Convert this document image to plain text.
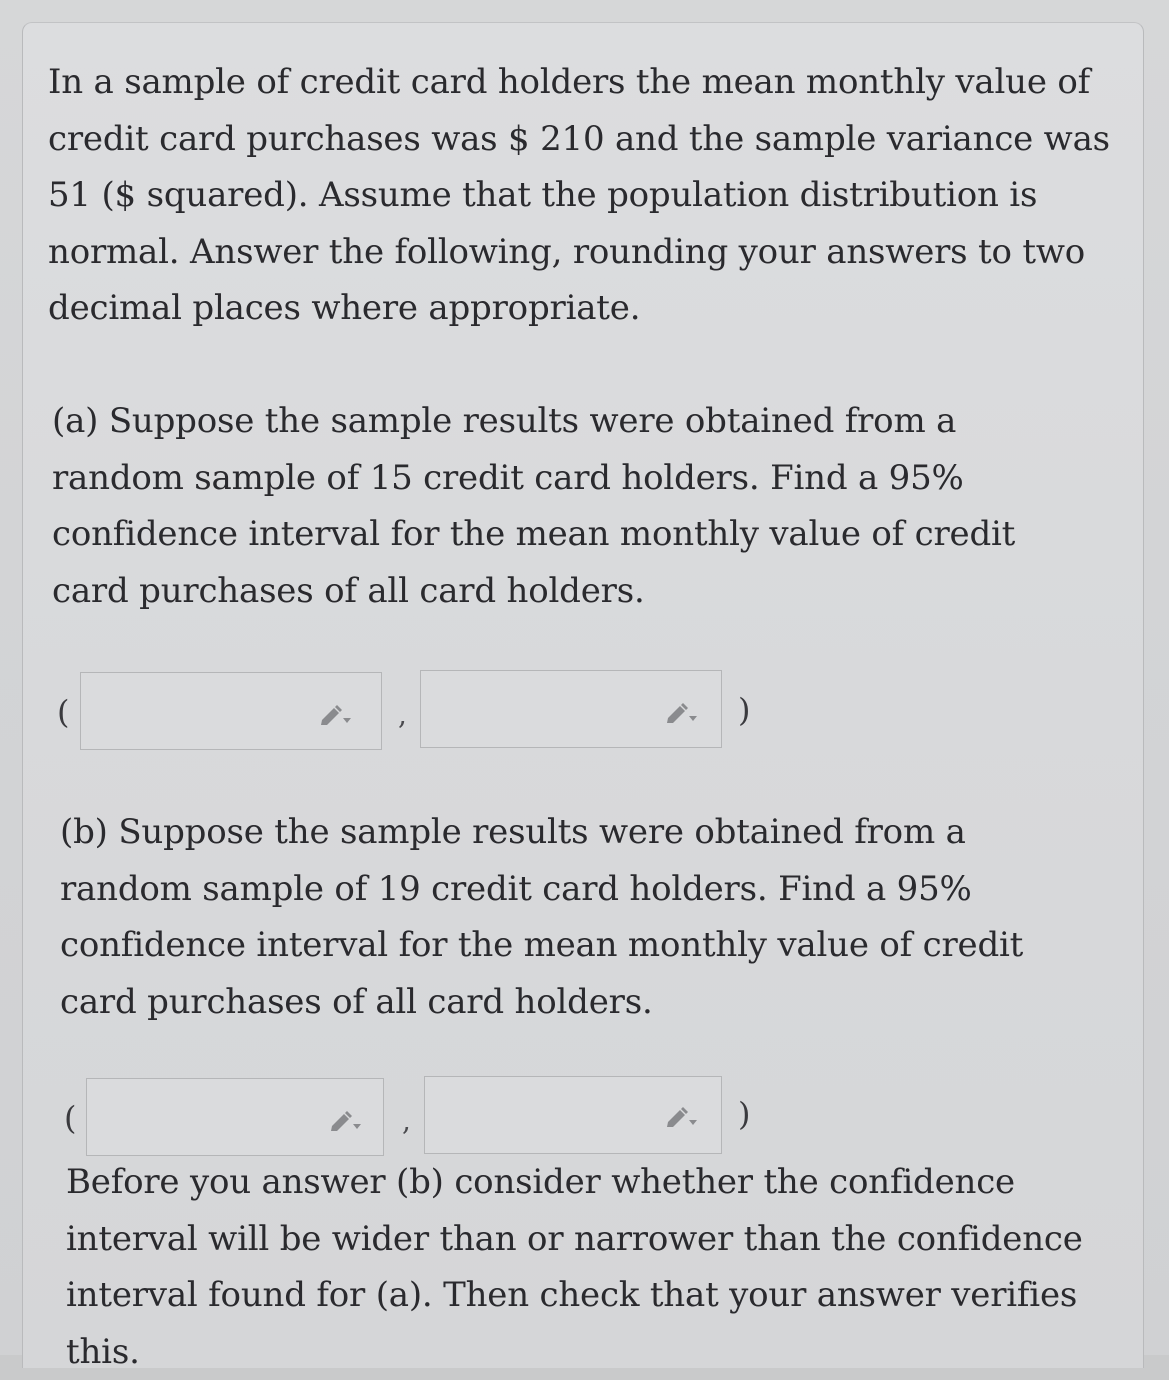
In a sample of credit card holders the mean monthly value of credit card purchases was $ 210 and the sample variance was 51 ($ squared). Assume that the population distribution is normal. Answer the following, rounding your answers to two decimal places where appropriate.

(a) Suppose the sample results were obtained from a random sample of 15 credit card holders. Find a 95% confidence interval for the mean monthly value of credit card purchases of all card holders.

(	,	)

(b) Suppose the sample results were obtained from a random sample of 19 credit card holders. Find a 95% confidence interval for the mean monthly value of credit card purchases of all card holders.

(	,	)

Before you answer (b) consider whether the confidence interval will be wider than or narrower than the confidence interval found for (a). Then check that your answer verifies this.
